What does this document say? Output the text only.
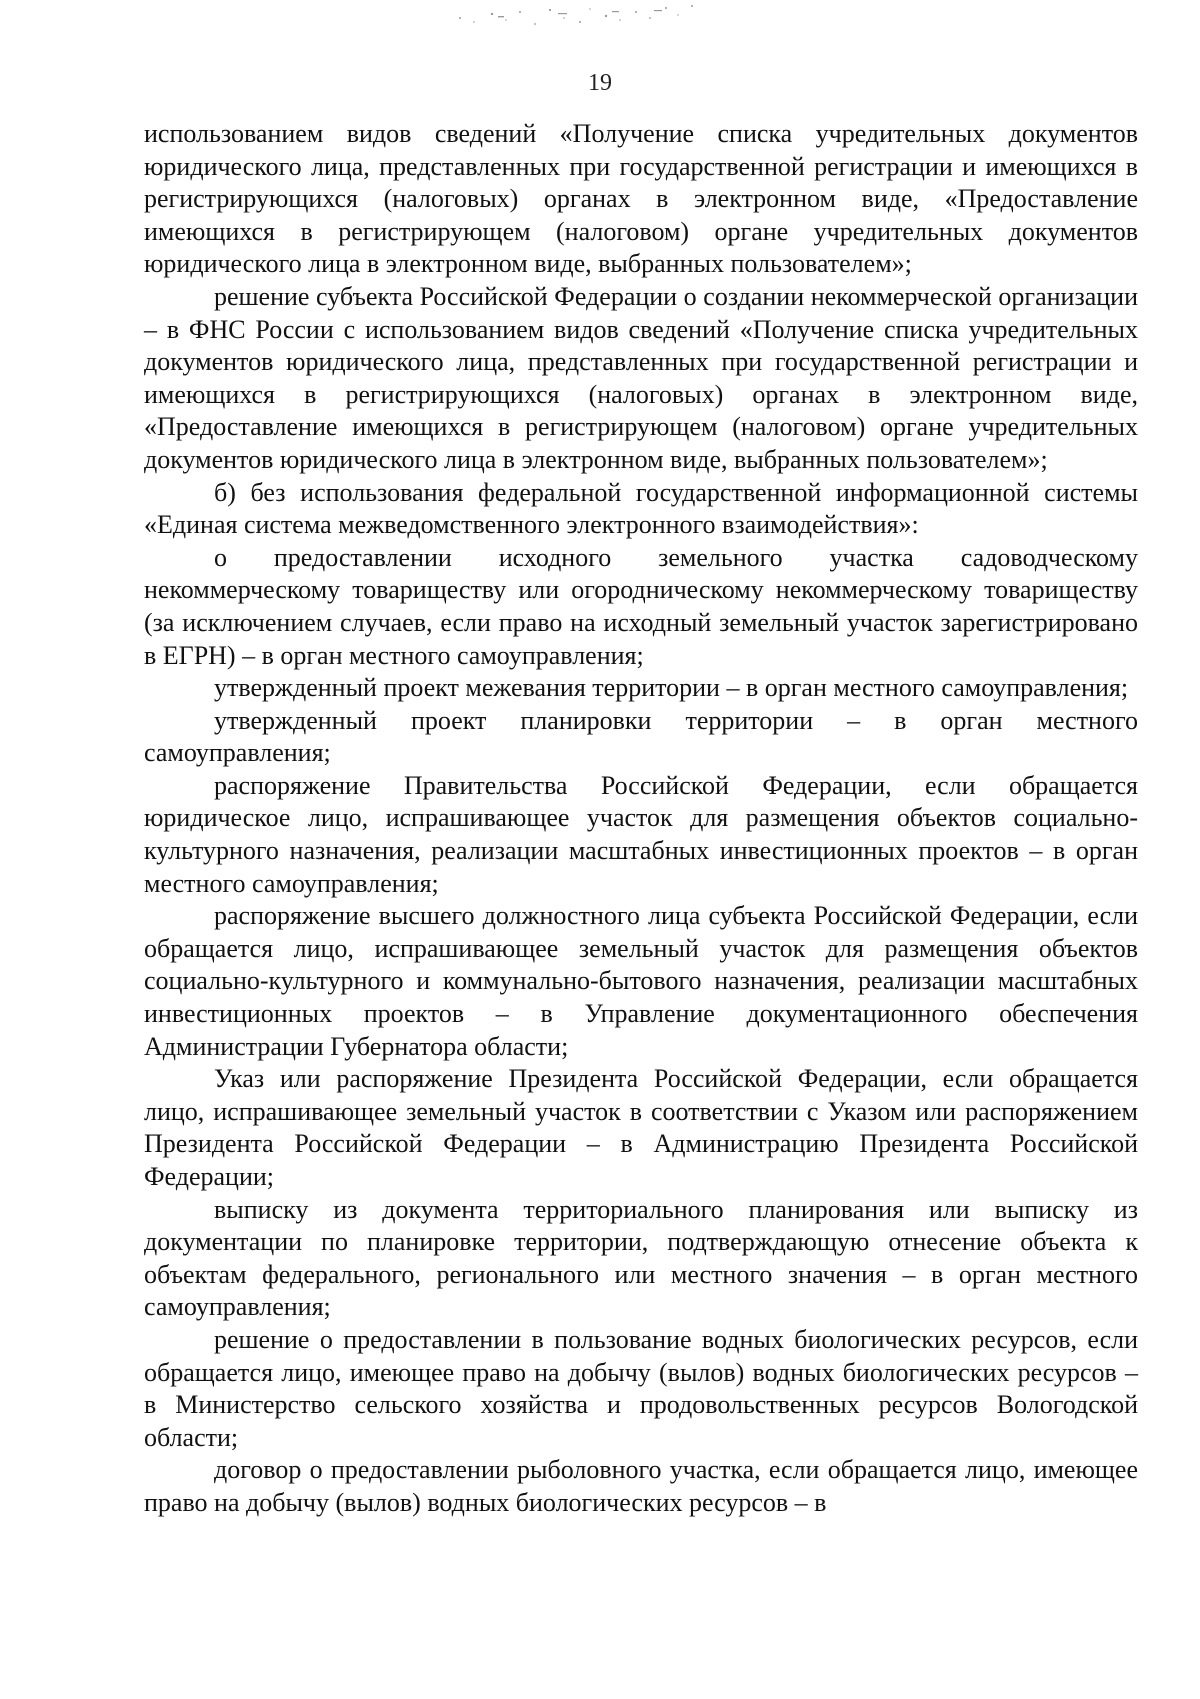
19

использованием видов сведений «Получение списка учредительных документов юридического лица, представленных при государственной регистрации и имеющихся в регистрирующихся (налоговых) органах в электронном виде, «Предоставление имеющихся в регистрирующем (налоговом) органе учредительных документов юридического лица в электронном виде, выбранных пользователем»;

решение субъекта Российской Федерации о создании некоммерческой организации – в ФНС России с использованием видов сведений «Получение списка учредительных документов юридического лица, представленных при государственной регистрации и имеющихся в регистрирующихся (налоговых) органах в электронном виде, «Предоставление имеющихся в регистрирующем (налоговом) органе учредительных документов юридического лица в электронном виде, выбранных пользователем»;

б) без использования федеральной государственной информационной системы «Единая система межведомственного электронного взаимодействия»:

о предоставлении исходного земельного участка садоводческому некоммерческому товариществу или огородническому некоммерческому товариществу (за исключением случаев, если право на исходный земельный участок зарегистрировано в ЕГРН) – в орган местного самоуправления;

утвержденный проект межевания территории – в орган местного самоуправления;

утвержденный проект планировки территории – в орган местного самоуправления;

распоряжение Правительства Российской Федерации, если обращается юридическое лицо, испрашивающее участок для размещения объектов социально-культурного назначения, реализации масштабных инвестиционных проектов – в орган местного самоуправления;

распоряжение высшего должностного лица субъекта Российской Федерации, если обращается лицо, испрашивающее земельный участок для размещения объектов социально-культурного и коммунально-бытового назначения, реализации масштабных инвестиционных проектов – в Управление документационного обеспечения Администрации Губернатора области;

Указ или распоряжение Президента Российской Федерации, если обращается лицо, испрашивающее земельный участок в соответствии с Указом или распоряжением Президента Российской Федерации – в Администрацию Президента Российской Федерации;

выписку из документа территориального планирования или выписку из документации по планировке территории, подтверждающую отнесение объекта к объектам федерального, регионального или местного значения – в орган местного самоуправления;

решение о предоставлении в пользование водных биологических ресурсов, если обращается лицо, имеющее право на добычу (вылов) водных биологических ресурсов – в Министерство сельского хозяйства и продовольственных ресурсов Вологодской области;

договор о предоставлении рыболовного участка, если обращается лицо, имеющее право на добычу (вылов) водных биологических ресурсов – в
